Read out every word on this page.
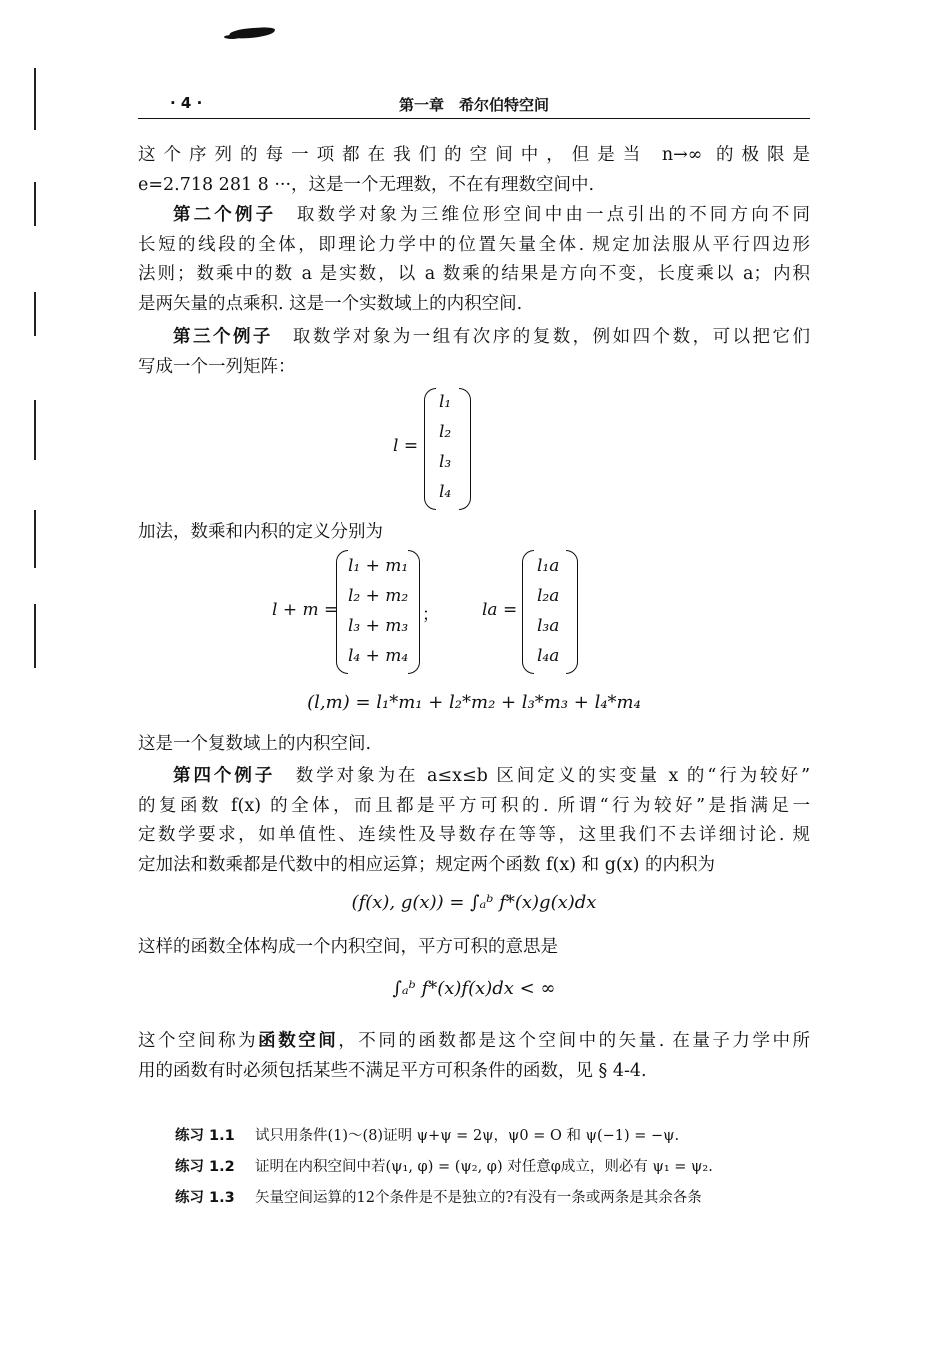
· 4 ·	第一章　希尔伯特空间
这个序列的每一项都在我们的空间中，但是当 n→∞ 的极限是
e=2.718 281 8 ···，这是一个无理数，不在有理数空间中.
第二个例子　 取数学对象为三维位形空间中由一点引出的不同方向不同
长短的线段的全体，即理论力学中的位置矢量全体. 规定加法服从平行四边形
法则；数乘中的数 a 是实数，以 a 数乘的结果是方向不变，长度乘以 a；内积
是两矢量的点乘积. 这是一个实数域上的内积空间.
第三个例子　 取数学对象为一组有次序的复数，例如四个数，可以把它们
写成一个一列矩阵：
l =
l₁
l₂
l₃
l₄
加法，数乘和内积的定义分别为
l + m =
l₁ + m₁
l₂ + m₂
l₃ + m₃
l₄ + m₄
；	la =
l₁a
l₂a
l₃a
l₄a
(l,m) = l₁*m₁ + l₂*m₂ + l₃*m₃ + l₄*m₄
这是一个复数域上的内积空间.
第四个例子　 数学对象为在 a≤x≤b 区间定义的实变量 x 的“行为较好”
的复函数 f(x) 的全体，而且都是平方可积的. 所谓“行为较好”是指满足一
定数学要求，如单值性、连续性及导数存在等等，这里我们不去详细讨论. 规
定加法和数乘都是代数中的相应运算；规定两个函数 f(x) 和 g(x) 的内积为
(f(x), g(x)) = ∫ₐᵇ f*(x)g(x)dx
这样的函数全体构成一个内积空间，平方可积的意思是
∫ₐᵇ f*(x)f(x)dx < ∞
这个空间称为函数空间，不同的函数都是这个空间中的矢量. 在量子力学中所
用的函数有时必须包括某些不满足平方可积条件的函数，见 § 4-4.
练习 1.1 试只用条件(1)～(8)证明 ψ+ψ = 2ψ，ψ0 = O 和 ψ(−1) = −ψ.
练习 1.2 证明在内积空间中若(ψ₁, φ) = (ψ₂, φ) 对任意φ成立，则必有 ψ₁ = ψ₂.
练习 1.3 矢量空间运算的12个条件是不是独立的?有没有一条或两条是其余各条
